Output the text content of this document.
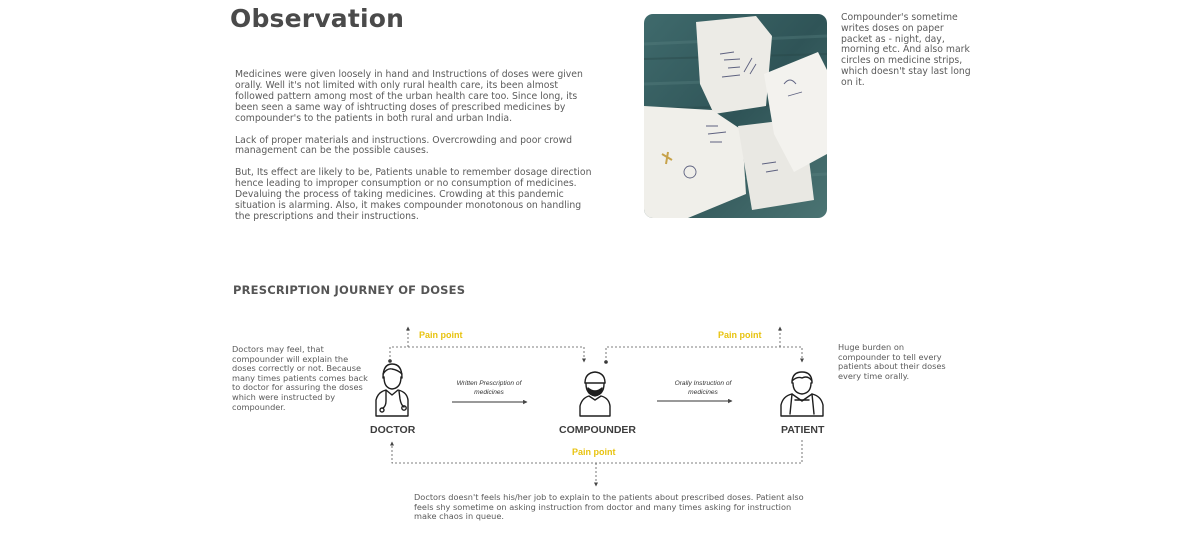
Observation

Medicines were given loosely in hand and Instructions of doses were given orally. Well it's not limited with only rural health care, its been almost followed pattern among most of the urban health care too. Since long, its been seen a same way of ishtructing doses of prescribed medicines by compounder's to the patients in both rural and urban India.

Lack of proper materials and instructions. Overcrowding and poor crowd management can be the possible causes.

But, Its effect are likely to be, Patients unable to remember dosage direction hence leading to improper consumption or no consumption of medicines. Devaluing the process of taking medicines. Crowding at this pandemic situation is alarming. Also, it makes compounder monotonous on handling the prescriptions and their instructions.

Compounder's sometime writes doses on paper packet as - night, day, morning etc. And also mark circles on medicine strips, which doesn't stay last long on it.
PRESCRIPTION JOURNEY OF DOSES
Pain point	Pain point
Pain point
DOCTOR
Written Prescription of
medicines
COMPOUNDER
Orally Instruction of
medicines
PATIENT
Doctors may feel, that compounder will explain the doses correctly or not. Because many times patients comes back to doctor for assuring the doses which were instructed by compounder.
Huge burden on compounder to tell every patients about their doses every time orally.
Doctors doesn't feels his/her job to explain to the patients about prescribed doses. Patient also feels shy sometime on asking instruction from doctor and many times asking for instruction make chaos in queue.
